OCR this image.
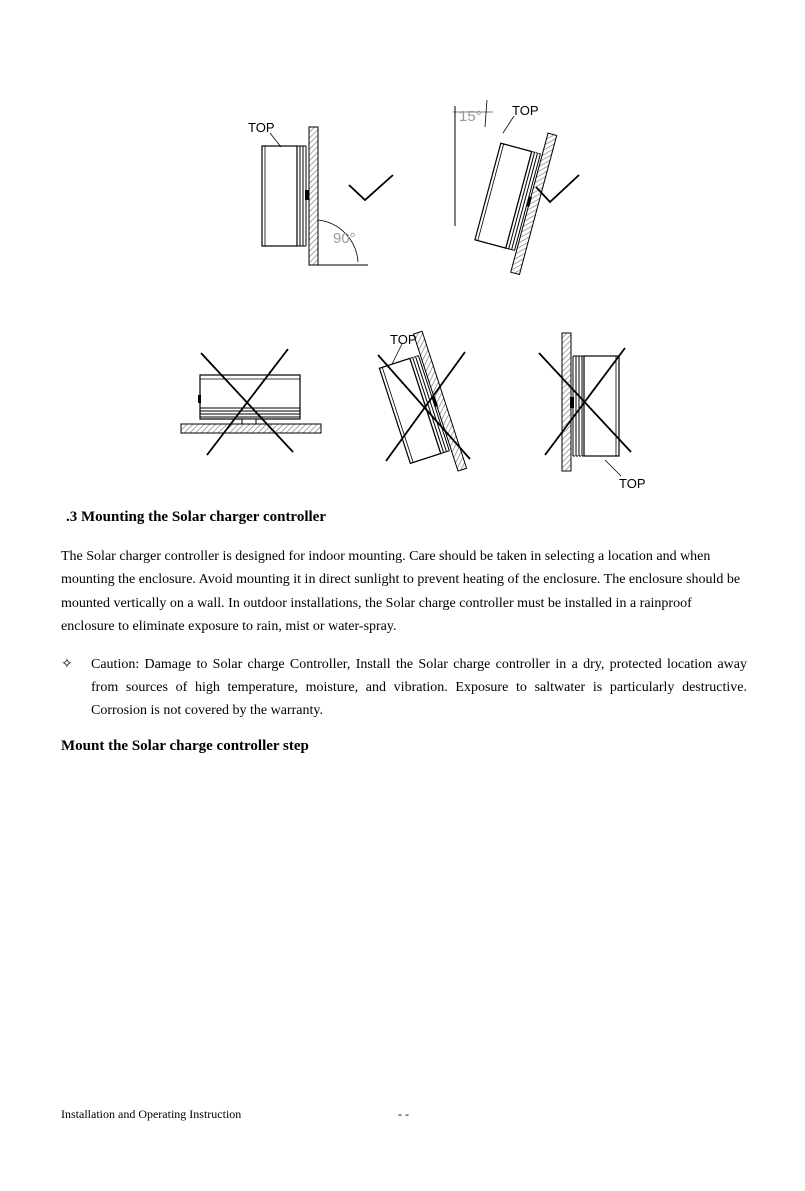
TOP
90°
15° TOP
TOP
TOP
.3 Mounting the Solar charger controller

The Solar charger controller is designed for indoor mounting. Care should be taken in selecting a location and when mounting the enclosure. Avoid mounting it in direct sunlight to prevent heating of the enclosure. The enclosure should be mounted vertically on a wall. In outdoor installations, the Solar charge controller must be installed in a rainproof enclosure to eliminate exposure to rain, mist or water-spray.

✧ Caution: Damage to Solar charge Controller, Install the Solar charge controller in a dry, protected location away from sources of high temperature, moisture, and vibration. Exposure to saltwater is particularly destructive. Corrosion is not covered by the warranty.

Mount the Solar charge controller step
Installation and Operating Instruction	- -
